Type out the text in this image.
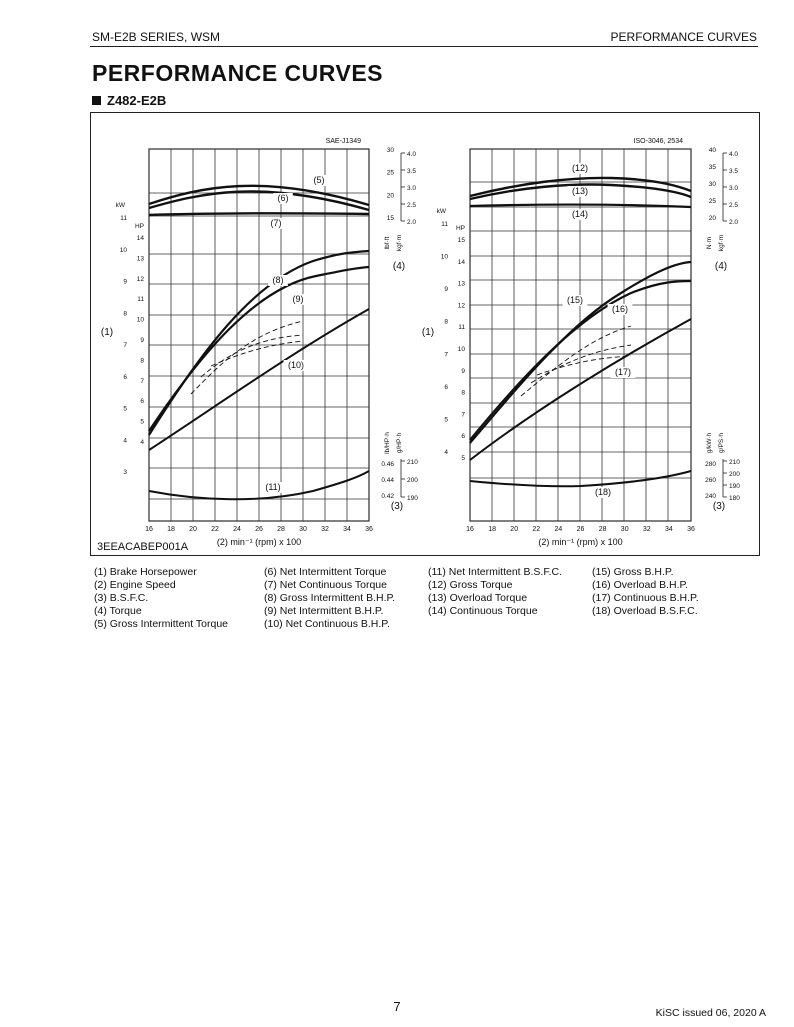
SM-E2B SERIES, WSM	PERFORMANCE CURVES
PERFORMANCE CURVES
Z482-E2B
16 18 20 22 24 26 28 30 32 34 36
(2) min⁻¹ (rpm) x 100
SAE-J1349
3
4
5
6
7
8
9
10
11
kW
4
5
6
7
8
9
10
11
12
13
14
HP
(1)
15
20
25
30
2.0
2.5
3.0
3.5
4.0
lbf·ft kgf·m
(4)
0.42
0.44
0.46
190
200
210
lb/HP·h g/HP·h
(3)
(5)
(6)
(7)
(8)
(9)
(10)
(11)
16 18 20 22 24 26 28 30 32 34 36
(2) min⁻¹ (rpm) x 100
ISO-3046, 2534
4
5
6
7
8
9
10
11
kW
5
6
7
8
9
10
11
12
13
14
15
HP
(1)
20
25
30
35
40
2.0
2.5
3.0
3.5
4.0
N·m kgf·m
(4)
240
260
280
180
190
200
210
g/kW·h g/PS·h
(3)
(12)
(13)
(14)
(15)
(16)
(17)
(18)
3EEACABEP001A
(1) Brake Horsepower
(2) Engine Speed
(3) B.S.F.C.
(4) Torque
(5) Gross Intermittent Torque
(6) Net Intermittent Torque
(7) Net Continuous Torque
(8) Gross Intermittent B.H.P.
(9) Net Intermittent B.H.P.
(10) Net Continuous B.H.P.
(11) Net Intermittent B.S.F.C.
(12) Gross Torque
(13) Overload Torque
(14) Continuous Torque
(15) Gross B.H.P.
(16) Overload B.H.P.
(17) Continuous B.H.P.
(18) Overload B.S.F.C.
7	KiSC issued 06, 2020 A
